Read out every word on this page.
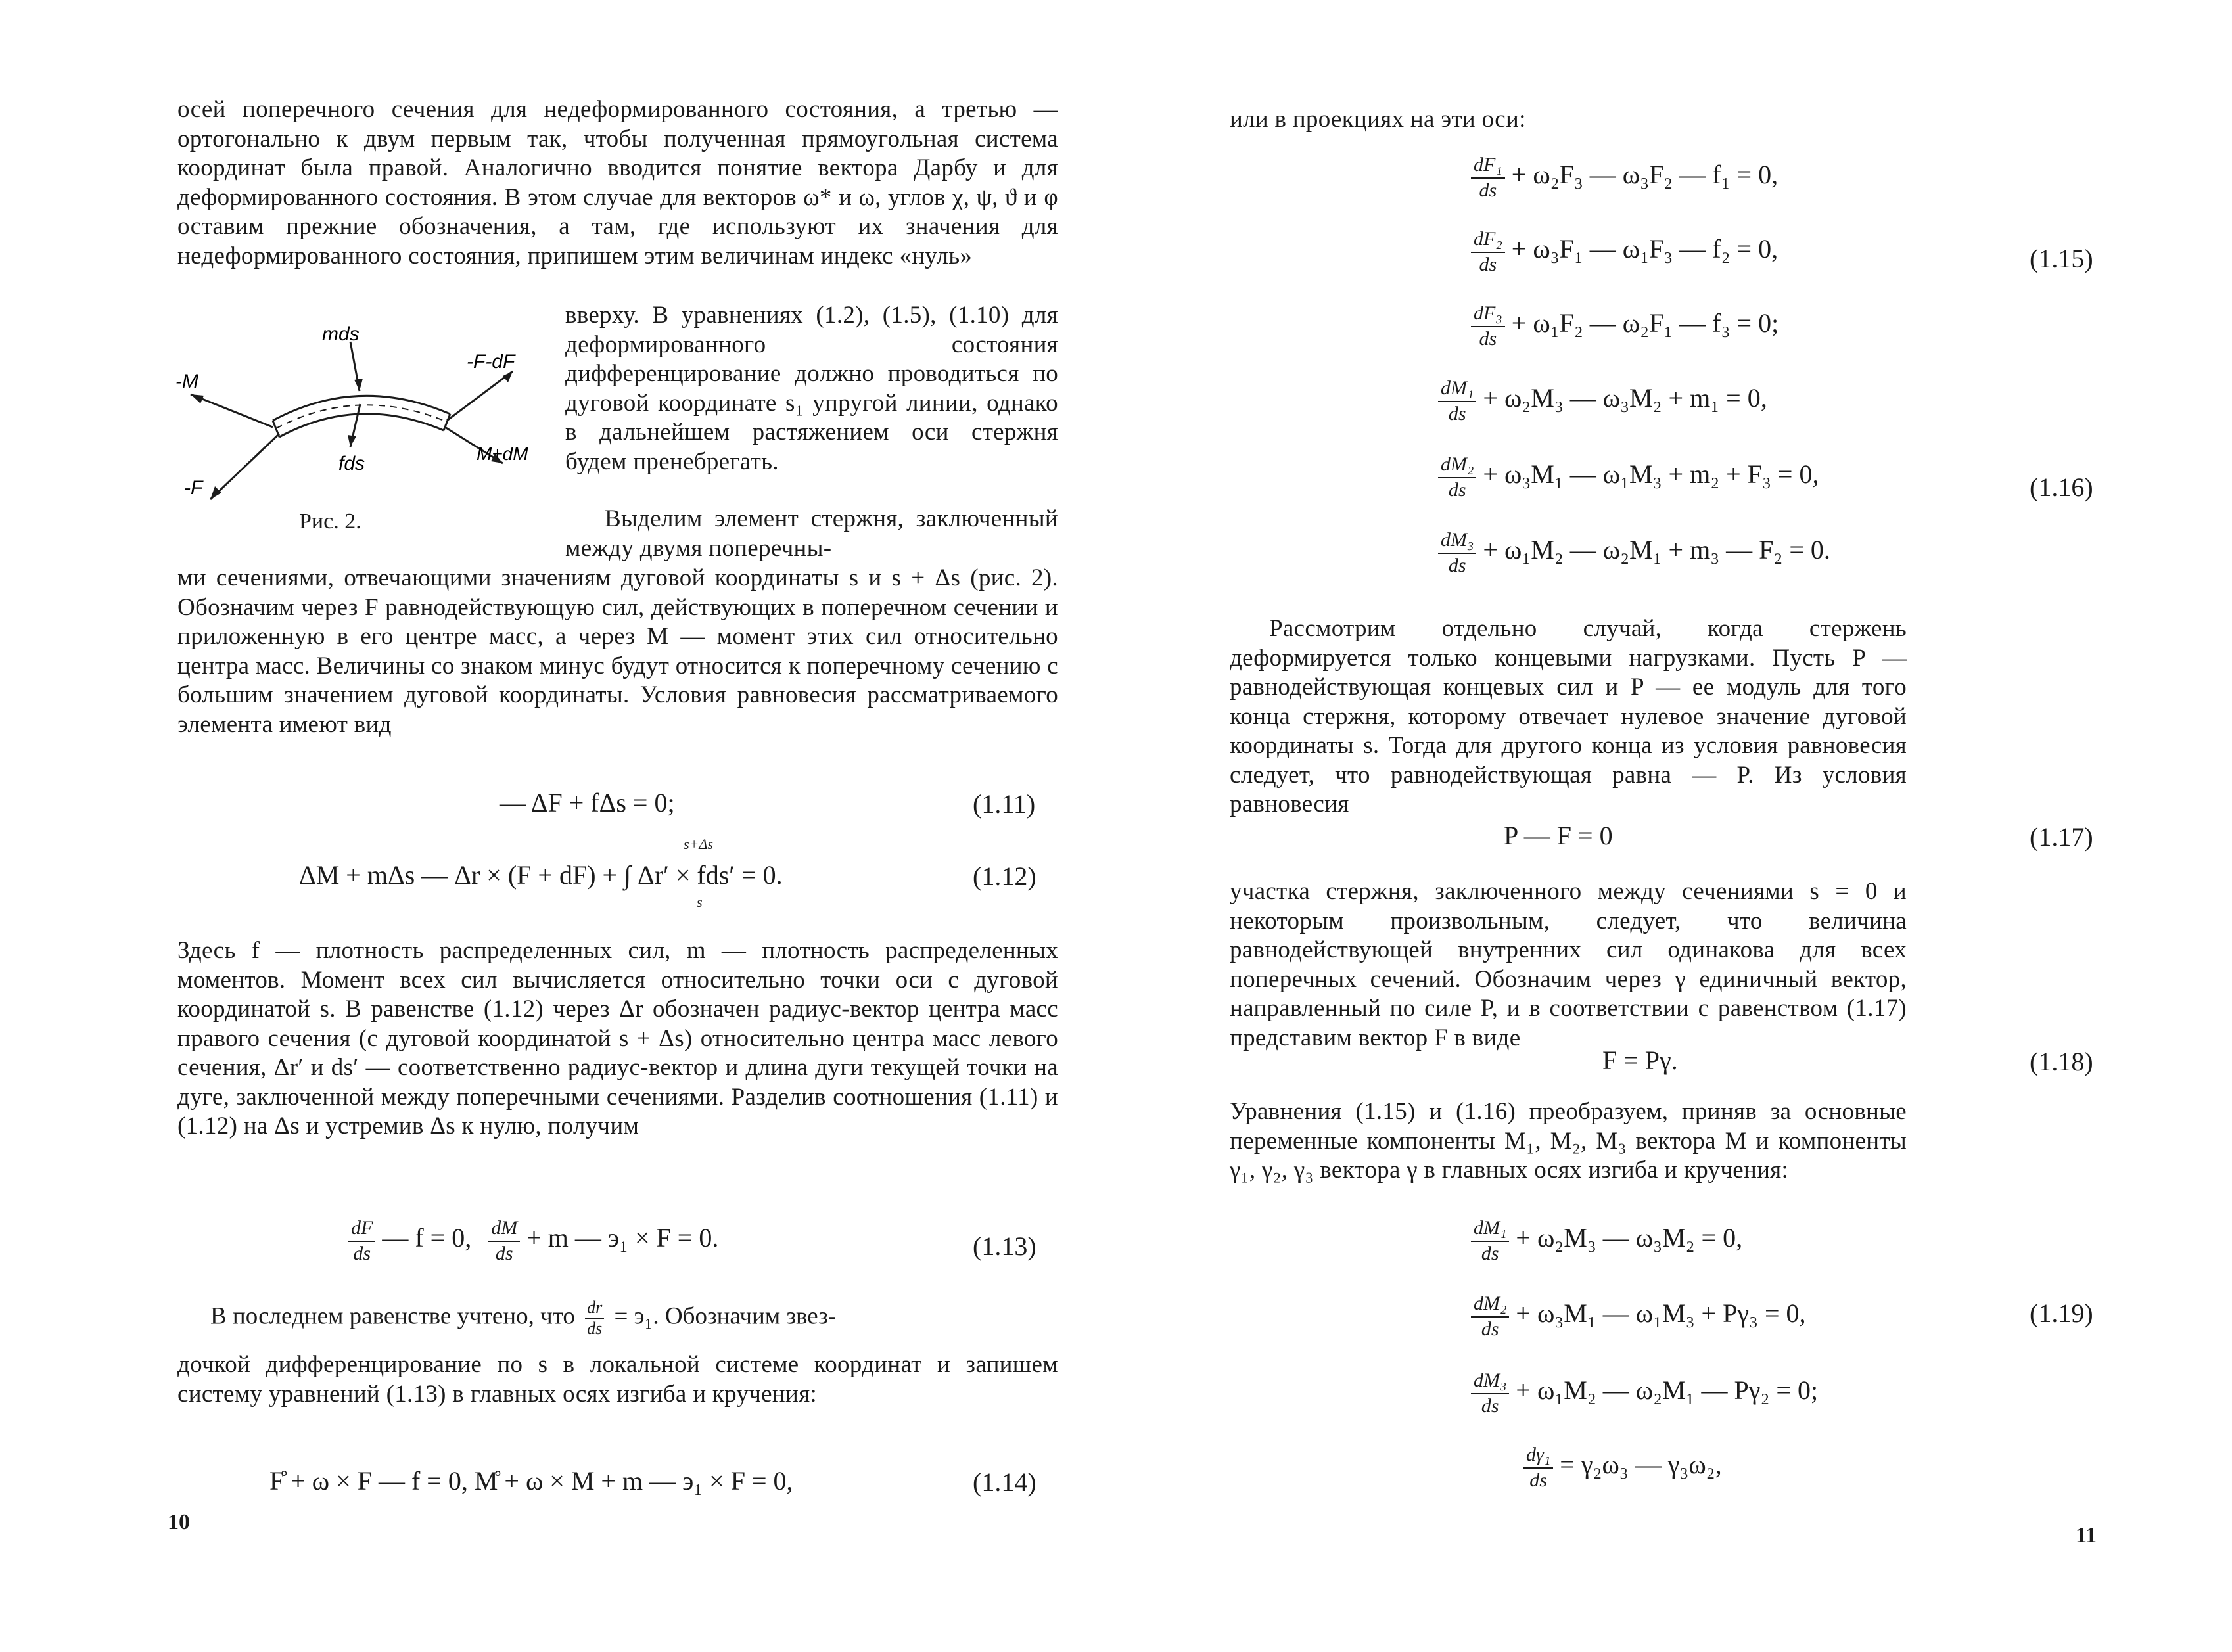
осей поперечного сечения для недеформированного состояния, а третью — ортогонально к двум первым так, чтобы полученная прямоугольная система координат была правой. Аналогично вводится понятие вектора Дарбу и для деформированного состояния. В этом случае для векторов ω* и ω, углов χ, ψ, ϑ и φ оставим прежние обозначения, а там, где используют их значения для недеформированного состояния, припишем этим величинам индекс «нуль»

вверху. В уравнениях (1.2), (1.5), (1.10) для деформированного состояния дифференцирование должно проводиться по дуговой координате s₁ упругой линии, однако в дальнейшем растяжением оси стержня будем пренебрегать.

mds
-F-dF
-M
M+dM
fds
-F
Рис. 2.	Выделим элемент стержня, заключенный между двумя поперечны-

ми сечениями, отвечающими значениям дуговой координаты s и s + Δs (рис. 2). Обозначим через F равнодействующую сил, действующих в поперечном сечении и приложенную в его центре масс, а через M — момент этих сил относительно центра масс. Величины со знаком минус будут относится к поперечному сечению с большим значением дуговой координаты. Условия равновесия рассматриваемого элемента имеют вид

— ΔF + fΔs = 0;	(1.11)
ΔM + mΔs — Δr × (F + dF) + ∫ Δr′ × fds′ = 0.
s+Δs
s
(1.12)

Здесь f — плотность распределенных сил, m — плотность распределенных моментов. Момент всех сил вычисляется относительно точки оси с дуговой координатой s. В равенстве (1.12) через Δr обозначен радиус-вектор центра масс правого сечения (с дуговой координатой s + Δs) относительно центра масс левого сечения, Δr′ и ds′ — соответственно радиус-вектор и длина дуги текущей точки на дуге, заключенной между поперечными сечениями. Разделив соотношения (1.11) и (1.12) на Δs и устремив Δs к нулю, получим

$\frac{dF}{ds}$ — f = 0, $\frac{dM}{ds} + m$ — э₁ × F = 0.	(1.13)
В последнем равенстве учтено, что $\frac{dr}{ds} = э_1$. Обозначим звез-

дочкой дифференцирование по s в локальной системе координат и запишем систему уравнений (1.13) в главных осях изгиба и кручения:

F̊ + ω × F — f = 0, M̊ + ω × M + m — э₁ × F = 0,	(1.14)
10

или в проекциях на эти оси:

$\frac{\text{dF₁}}{ds} + \omega_2F_3$ — ω₃F₂ — f₁ = 0,
$\frac{\text{dF₂}}{ds} + \omega_3F_1$ — ω₁F₃ — f₂ = 0,
$\frac{\text{dF₃}}{ds} + \omega_1F_2$ — ω₂F₁ — f₃ = 0;
(1.15)
$\frac{\text{dM₁}}{ds} + \omega_2M_3$ — ω₃M₂ + m₁ = 0,
$\frac{\text{dM₂}}{ds} + \omega_3M_1$ — ω₁M₃ + m₂ + F₃ = 0,
$\frac{\text{dM₃}}{ds} + \omega_1M_2$ — ω₂M₁ + m₃ — F₂ = 0.
(1.16)

Рассмотрим отдельно случай, когда стержень деформируется только концевыми нагрузками. Пусть P — равнодействующая концевых сил и P — ее модуль для того конца стержня, которому отвечает нулевое значение дуговой координаты s. Тогда для другого конца из условия равновесия следует, что равнодействующая равна — P. Из условия равновесия

P — F = 0	(1.17)

участка стержня, заключенного между сечениями s = 0 и некоторым произвольным, следует, что величина равнодействующей внутренних сил одинакова для всех поперечных сечений. Обозначим через γ единичный вектор, направленный по силе P, и в соответствии с равенством (1.17) представим вектор F в виде

F = Pγ.	(1.18)

Уравнения (1.15) и (1.16) преобразуем, приняв за основные переменные компоненты M₁, M₂, M₃ вектора M и компоненты γ₁, γ₂, γ₃ вектора γ в главных осях изгиба и кручения:

$\frac{\text{dM₁}}{ds} + \omega_2M_3$ — ω₃M₂ = 0,
$\frac{\text{dM₂}}{ds} + \omega_3M_1$ — ω₁M₃ + Pγ₃ = 0,
$\frac{\text{dM₃}}{ds} + \omega_1M_2$ — ω₂M₁ — Pγ₂ = 0;
(1.19)
$\frac{\text{dγ₁}}{ds} = \gamma_2\omega_3$ — γ₃ω₂,
11
